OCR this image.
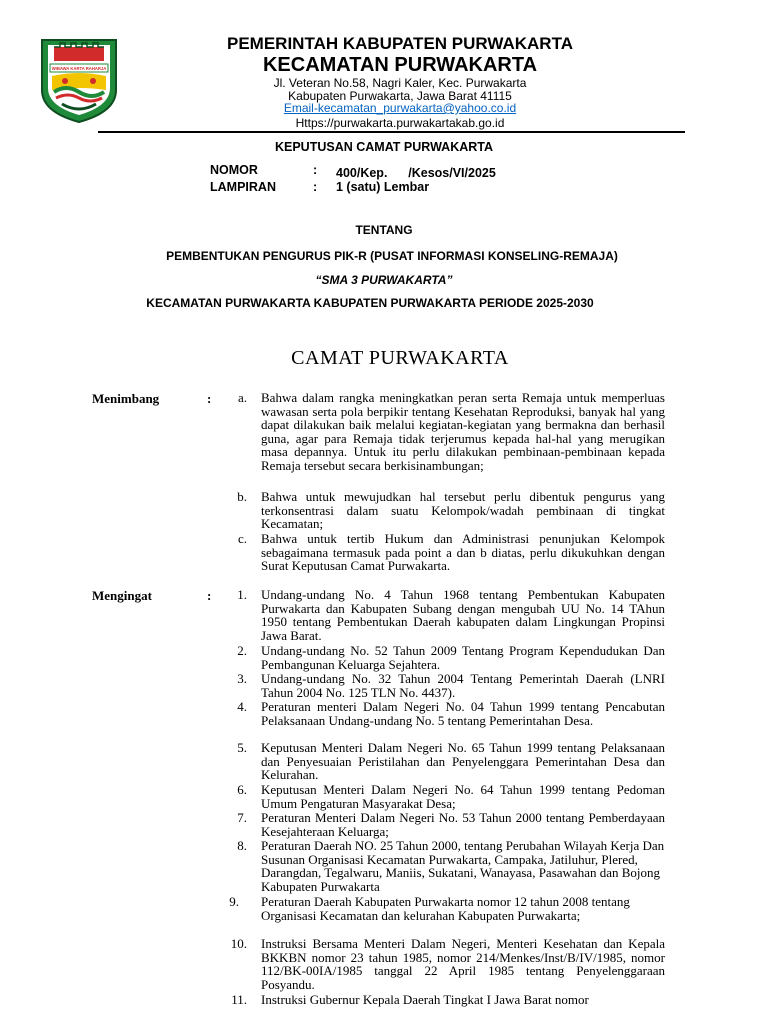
WIBAWA KARTA RAHARJA
PEMERINTAH KABUPATEN PURWAKARTA
KECAMATAN PURWAKARTA
Jl. Veteran No.58, Nagri Kaler, Kec. Purwakarta
Kabupaten Purwakarta, Jawa Barat 41115
Email-kecamatan_purwakarta@yahoo.co.id
Https://purwakarta.purwakartakab.go.id
KEPUTUSAN CAMAT PURWAKARTA
NOMOR	: 400/Kep.      /Kesos/VI/2025
LAMPIRAN	: 1 (satu) Lembar
TENTANG
PEMBENTUKAN PENGURUS PIK-R (PUSAT INFORMASI KONSELING-REMAJA)
“SMA 3 PURWAKARTA”
KECAMATAN PURWAKARTA KABUPATEN PURWAKARTA PERIODE 2025-2030
CAMAT PURWAKARTA
Menimbang	:	a. Bahwa dalam rangka meningkatkan peran serta Remaja untuk memperluas wawasan serta pola berpikir tentang Kesehatan Reproduksi, banyak hal yang dapat dilakukan baik melalui kegiatan-kegiatan yang bermakna dan berhasil guna, agar para Remaja tidak terjerumus kepada hal-hal yang merugikan masa depannya. Untuk itu perlu dilakukan pembinaan-pembinaan kepada Remaja tersebut secara berkisinambungan;
b. Bahwa untuk mewujudkan hal tersebut perlu dibentuk pengurus yang terkonsentrasi dalam suatu Kelompok/wadah pembinaan di tingkat Kecamatan;
c. Bahwa untuk tertib Hukum dan Administrasi penunjukan Kelompok sebagaimana termasuk pada point a dan b diatas, perlu dikukuhkan dengan Surat Keputusan Camat Purwakarta.
Mengingat	:	1. Undang-undang No. 4 Tahun 1968 tentang Pembentukan Kabupaten Purwakarta dan Kabupaten Subang dengan mengubah UU No. 14 TAhun 1950 tentang Pembentukan Daerah kabupaten dalam Lingkungan Propinsi Jawa Barat.
2. Undang-undang No. 52 Tahun 2009 Tentang Program Kependudukan Dan Pembangunan Keluarga Sejahtera.
3. Undang-undang No. 32 Tahun 2004 Tentang Pemerintah Daerah (LNRI Tahun 2004 No. 125 TLN No. 4437).
4. Peraturan menteri Dalam Negeri No. 04 Tahun 1999 tentang Pencabutan Pelaksanaan Undang-undang No. 5 tentang Pemerintahan Desa.
5. Keputusan Menteri Dalam Negeri No. 65 Tahun 1999 tentang Pelaksanaan dan Penyesuaian Peristilahan dan Penyelenggara Pemerintahan Desa dan Kelurahan.
6. Keputusan Menteri Dalam Negeri No. 64 Tahun 1999 tentang Pedoman Umum Pengaturan Masyarakat Desa;
7. Peraturan Menteri Dalam Negeri No. 53 Tahun 2000 tentang Pemberdayaan Kesejahteraan Keluarga;
8. Peraturan Daerah NO. 25 Tahun 2000, tentang Perubahan Wilayah Kerja Dan Susunan Organisasi Kecamatan Purwakarta, Campaka, Jatiluhur, Plered, Darangdan, Tegalwaru, Maniis, Sukatani, Wanayasa, Pasawahan dan Bojong Kabupaten Purwakarta
9. Peraturan Daerah Kabupaten Purwakarta nomor 12 tahun 2008 tentang Organisasi Kecamatan dan kelurahan Kabupaten Purwakarta;
10. Instruksi Bersama Menteri Dalam Negeri, Menteri Kesehatan dan Kepala BKKBN nomor 23 tahun 1985, nomor 214/Menkes/Inst/B/IV/1985, nomor 112/BK-00IA/1985 tanggal 22 April 1985 tentang Penyelenggaraan Posyandu.
11. Instruksi Gubernur Kepala Daerah Tingkat I Jawa Barat nomor
